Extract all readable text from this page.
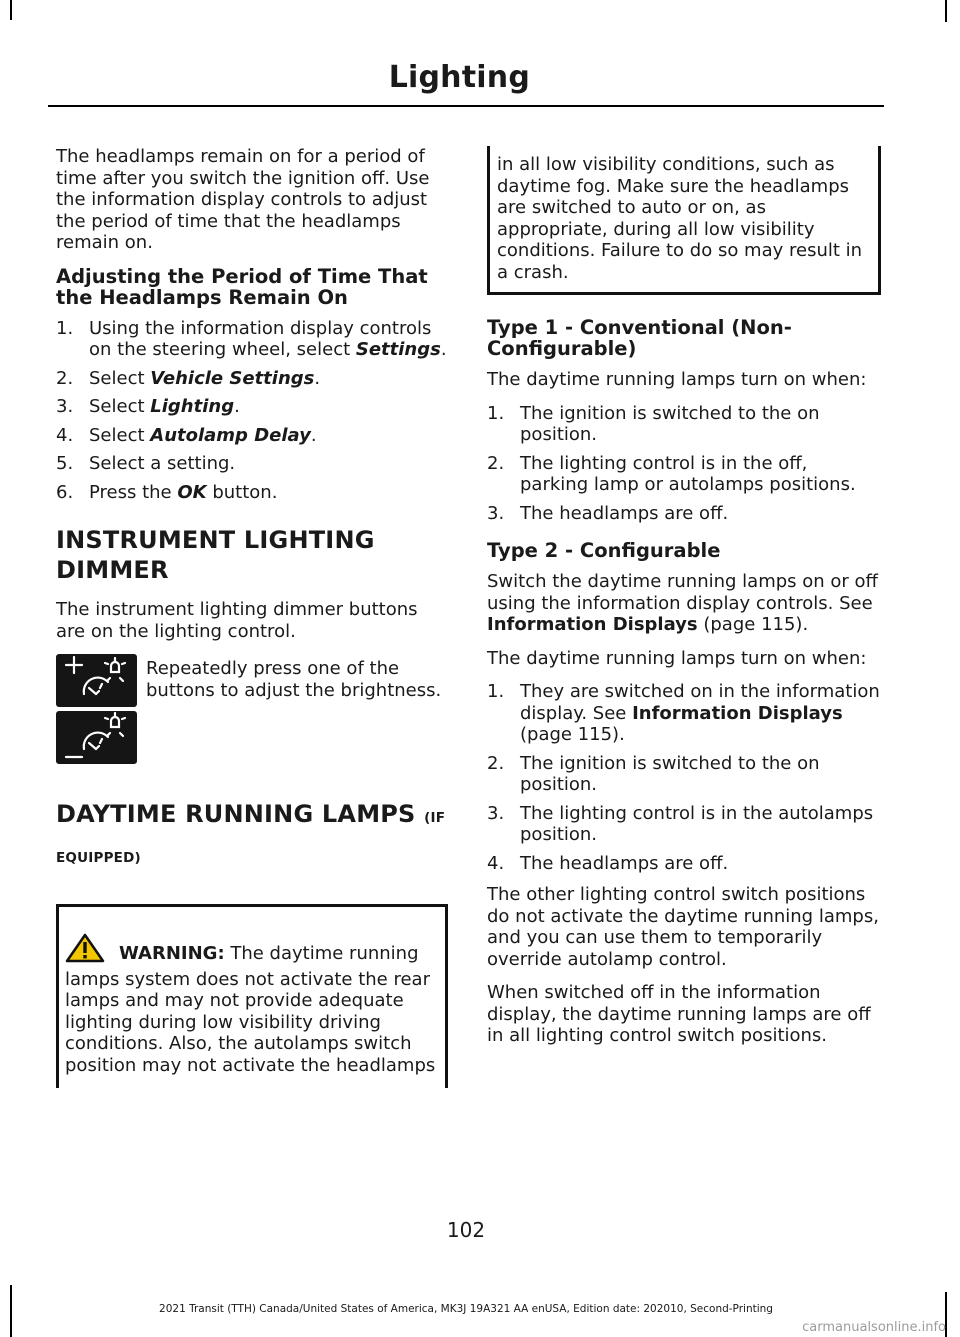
Lighting

The headlamps remain on for a period of time after you switch the ignition off. Use the information display controls to adjust the period of time that the headlamps remain on.

Adjusting the Period of Time That the Headlamps Remain On
1. Using the information display controls on the steering wheel, select Settings.
2. Select Vehicle Settings.
3. Select Lighting.
4. Select Autolamp Delay.
5. Select a setting.
6. Press the OK button.
INSTRUMENT LIGHTING
DIMMER

The instrument lighting dimmer buttons are on the lighting control.

Repeatedly press one of the buttons to adjust the brightness.
DAYTIME RUNNING LAMPS (IF
EQUIPPED)
WARNING: The daytime running lamps system does not activate the rear lamps and may not provide adequate lighting during low visibility driving conditions. Also, the autolamps switch position may not activate the headlamps
in all low visibility conditions, such as daytime fog. Make sure the headlamps are switched to auto or on, as appropriate, during all low visibility conditions. Failure to do so may result in a crash.
Type 1 - Conventional (Non-Configurable)

The daytime running lamps turn on when:

1. The ignition is switched to the on position.
2. The lighting control is in the off, parking lamp or autolamps positions.
3. The headlamps are off.
Type 2 - Configurable

Switch the daytime running lamps on or off using the information display controls. See Information Displays (page 115).

The daytime running lamps turn on when:

1. They are switched on in the information display. See Information Displays (page 115).
2. The ignition is switched to the on position.
3. The lighting control is in the autolamps position.
4. The headlamps are off.

The other lighting control switch positions do not activate the daytime running lamps, and you can use them to temporarily override autolamp control.

When switched off in the information display, the daytime running lamps are off in all lighting control switch positions.

102
2021 Transit (TTH) Canada/United States of America, MK3J 19A321 AA enUSA, Edition date: 202010, Second-Printing
carmanualsonline.info
